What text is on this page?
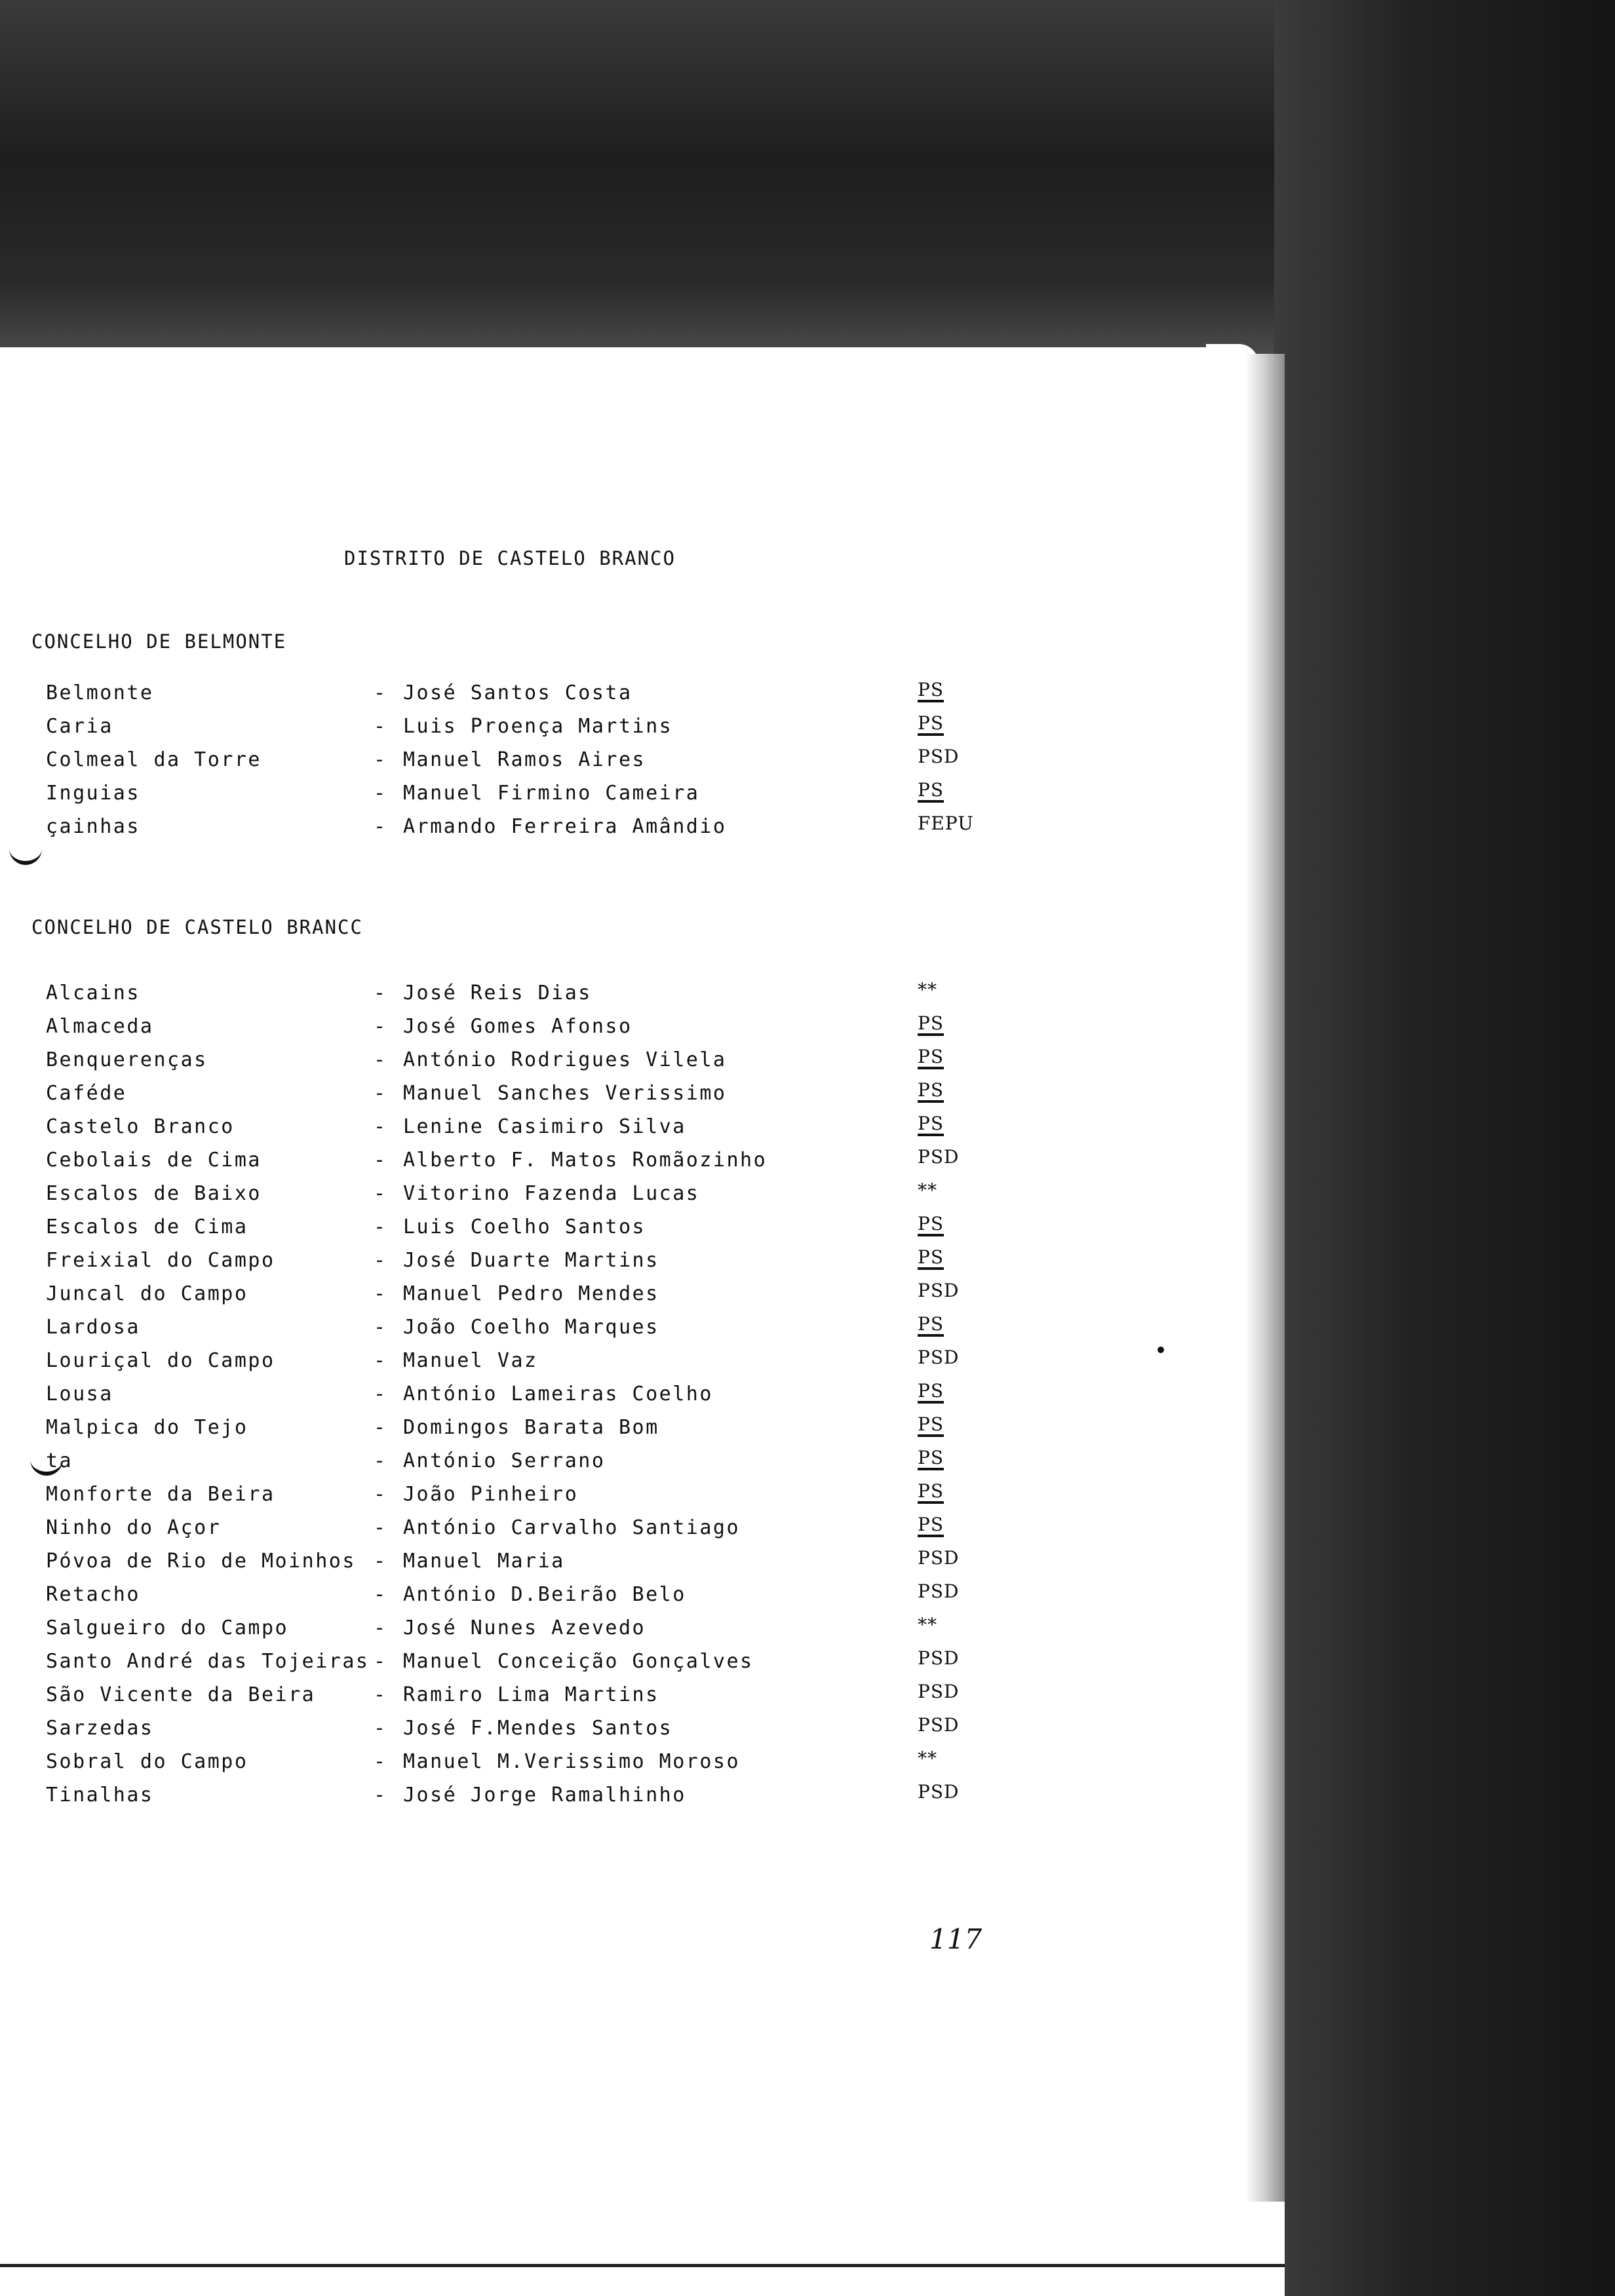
DISTRITO DE CASTELO BRANCO
CONCELHO DE BELMONTE
Belmonte	- José Santos Costa	PS
Caria	- Luis Proença Martins	PS
Colmeal da Torre	- Manuel Ramos Aires	PSD
Inguias	- Manuel Firmino Cameira	PS
çainhas	- Armando Ferreira Amândio	FEPU
CONCELHO DE CASTELO BRANCC
Alcains	- José Reis Dias	**
Almaceda	- José Gomes Afonso	PS
Benquerenças	- António Rodrigues Vilela	PS
Caféde	- Manuel Sanches Verissimo	PS
Castelo Branco	- Lenine Casimiro Silva	PS
Cebolais de Cima	- Alberto F. Matos Romãozinho	PSD
Escalos de Baixo	- Vitorino Fazenda Lucas	**
Escalos de Cima	- Luis Coelho Santos	PS
Freixial do Campo	- José Duarte Martins	PS
Juncal do Campo	- Manuel Pedro Mendes	PSD
Lardosa	- João Coelho Marques	PS
Louriçal do Campo	- Manuel Vaz	PSD
Lousa	- António Lameiras Coelho	PS
Malpica do Tejo	- Domingos Barata Bom	PS
ta	- António Serrano	PS
Monforte da Beira	- João Pinheiro	PS
Ninho do Açor	- António Carvalho Santiago	PS
Póvoa de Rio de Moinhos - Manuel Maria	PSD
Retacho	- António D.Beirão Belo	PSD
Salgueiro do Campo	- José Nunes Azevedo	**
Santo André das Tojeiras - Manuel Conceição Gonçalves	PSD
São Vicente da Beira	- Ramiro Lima Martins	PSD
Sarzedas	- José F.Mendes Santos	PSD
Sobral do Campo	- Manuel M.Verissimo Moroso	**
Tinalhas	- José Jorge Ramalhinho	PSD
117
